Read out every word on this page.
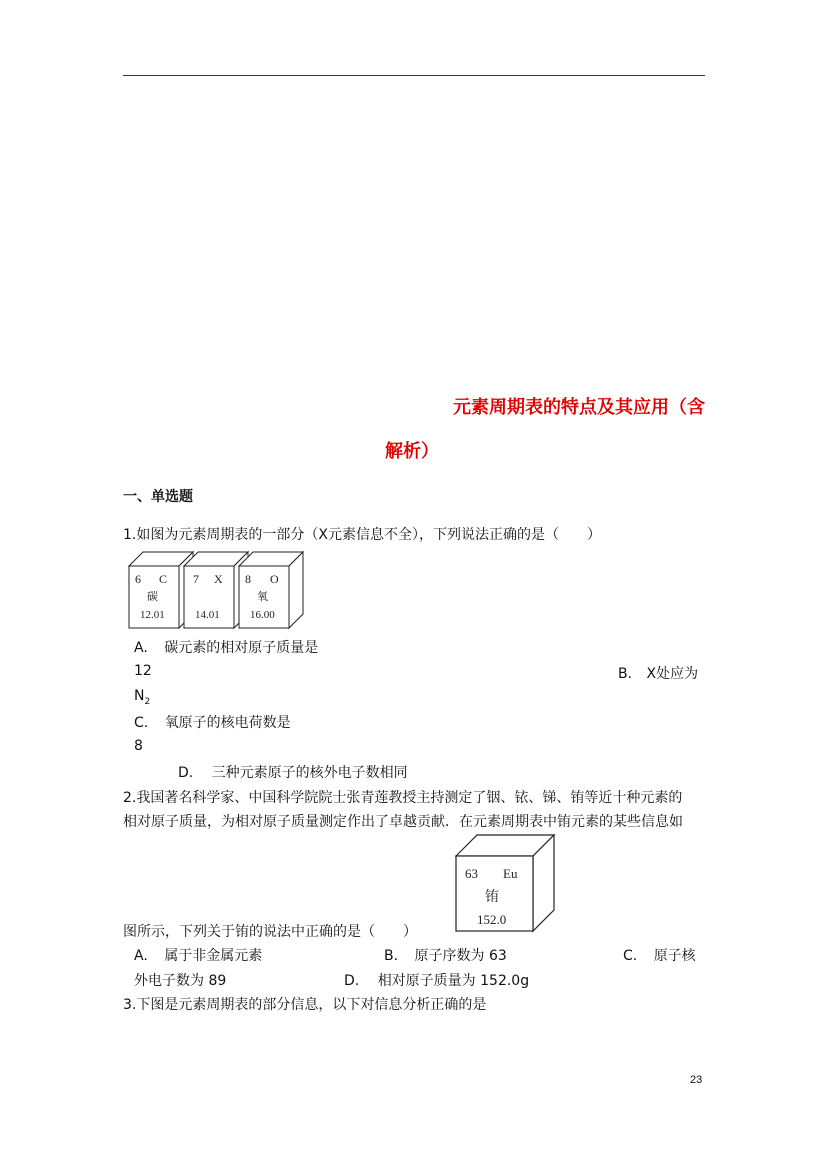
元素周期表的特点及其应用（含
解析）
一、单选题
1.如图为元素周期表的一部分（X元素信息不全），下列说法正确的是（　　）
6 C
碳
12.01
7 X
14.01
8 O
氧
16.00
A. 碳元素的相对原子质量是
12	B. X处应为
$N_2$
C. 氧原子的核电荷数是
8
D. 三种元素原子的核外电子数相同
2.我国著名科学家、中国科学院院士张青莲教授主持测定了铟、铱、锑、铕等近十种元素的
相对原子质量，为相对原子质量测定作出了卓越贡献．在元素周期表中铕元素的某些信息如
63 Eu
铕
152.0
图所示，下列关于铕的说法中正确的是（　　）
A. 属于非金属元素	B. 原子序数为 63	C. 原子核
外电子数为 89	D. 相对原子质量为 152.0g
3.下图是元素周期表的部分信息，以下对信息分析正确的是
23
